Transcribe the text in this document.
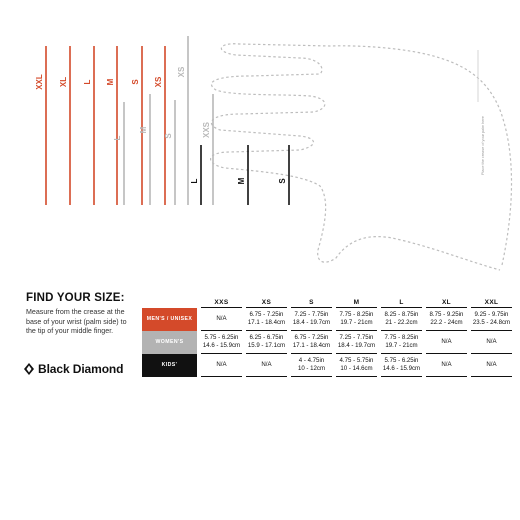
Place the crease of your palm here
XXL XL L M S XS
L
M
S
XS
XXS
L	M	S
FIND YOUR SIZE:
Measure from the crease at the base of your wrist (palm side) to the tip of your middle finger.
Black Diamond
	XXS	XS	S	M	L	XL	XXL
MEN'S / UNISEX	N/A	6.75 - 7.25in
17.1 - 18.4cm	7.25 - 7.75in
18.4 - 19.7cm	7.75 - 8.25in
19.7 - 21cm	8.25 - 8.75in
21 - 22.2cm	8.75 - 9.25in
22.2 - 24cm	9.25 - 9.75in
23.5 - 24.8cm
WOMEN'S	5.75 - 6.25in
14.6 - 15.9cm	6.25 - 6.75in
15.9 - 17.1cm	6.75 - 7.25in
17.1 - 18.4cm	7.25 - 7.75in
18.4 - 19.7cm	7.75 - 8.25in
19.7 - 21cm	N/A	N/A
KIDS'	N/A	N/A	4 - 4.75in
10 - 12cm	4.75 - 5.75in
10 - 14.6cm	5.75 - 6.25in
14.6 - 15.9cm	N/A	N/A
